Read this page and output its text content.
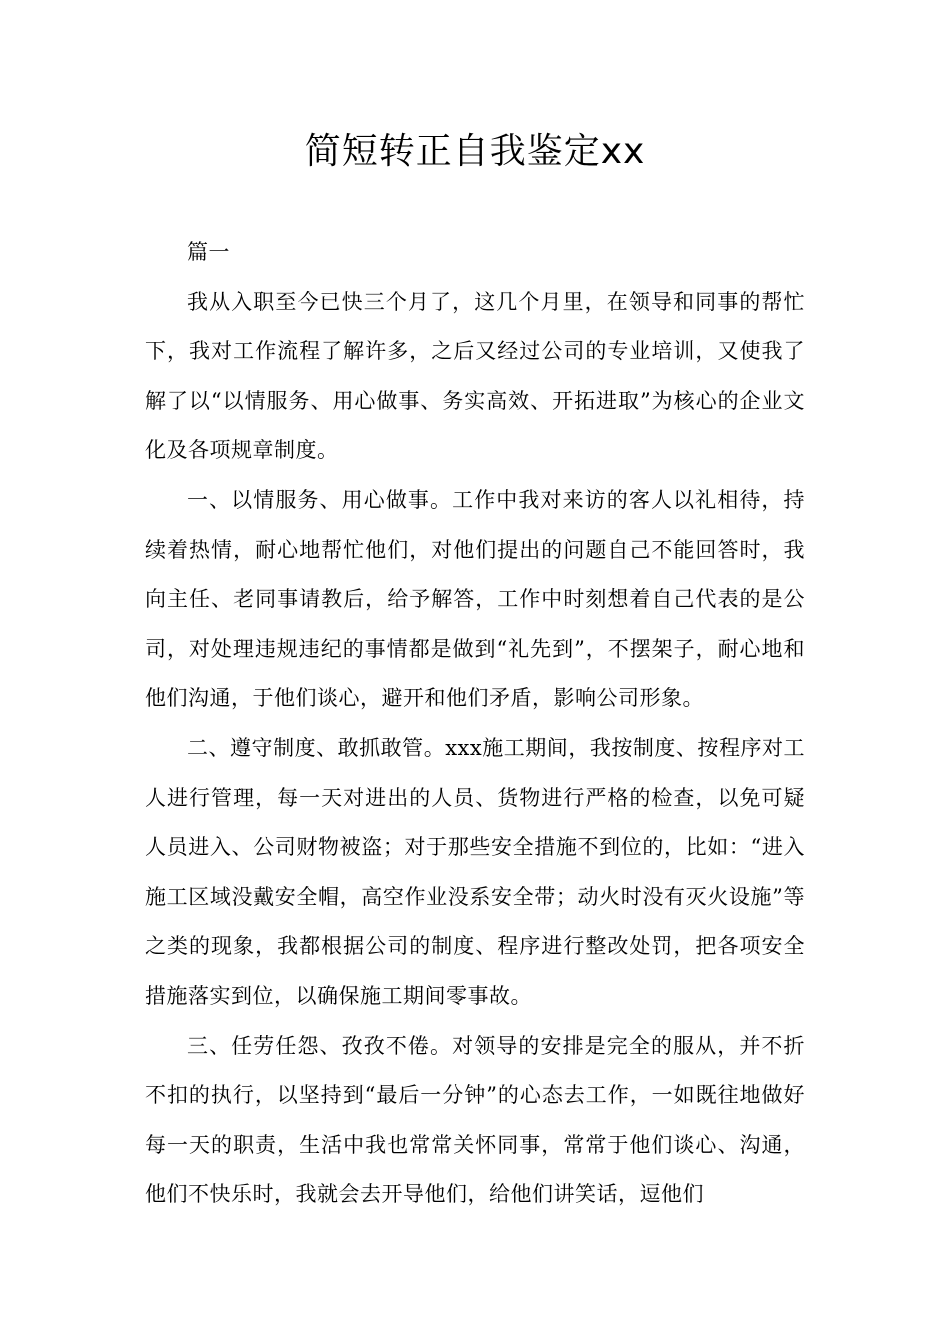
简短转正自我鉴定xx

篇一

我从入职至今已快三个月了，这几个月里，在领导和同事的帮忙下，我对工作流程了解许多，之后又经过公司的专业培训，又使我了解了以“以情服务、用心做事、务实高效、开拓进取”为核心的企业文化及各项规章制度。

一、以情服务、用心做事。工作中我对来访的客人以礼相待，持续着热情，耐心地帮忙他们，对他们提出的问题自己不能回答时，我向主任、老同事请教后，给予解答，工作中时刻想着自己代表的是公司，对处理违规违纪的事情都是做到“礼先到”，不摆架子，耐心地和他们沟通，于他们谈心，避开和他们矛盾，影响公司形象。

二、遵守制度、敢抓敢管。xxx施工期间，我按制度、按程序对工人进行管理，每一天对进出的人员、货物进行严格的检查，以免可疑人员进入、公司财物被盗；对于那些安全措施不到位的，比如：“进入施工区域没戴安全帽，高空作业没系安全带；动火时没有灭火设施”等之类的现象，我都根据公司的制度、程序进行整改处罚，把各项安全措施落实到位，以确保施工期间零事故。

三、任劳任怨、孜孜不倦。对领导的安排是完全的服从，并不折不扣的执行，以坚持到“最后一分钟”的心态去工作，一如既往地做好每一天的职责，生活中我也常常关怀同事，常常于他们谈心、沟通，他们不快乐时，我就会去开导他们，给他们讲笑话，逗他们
